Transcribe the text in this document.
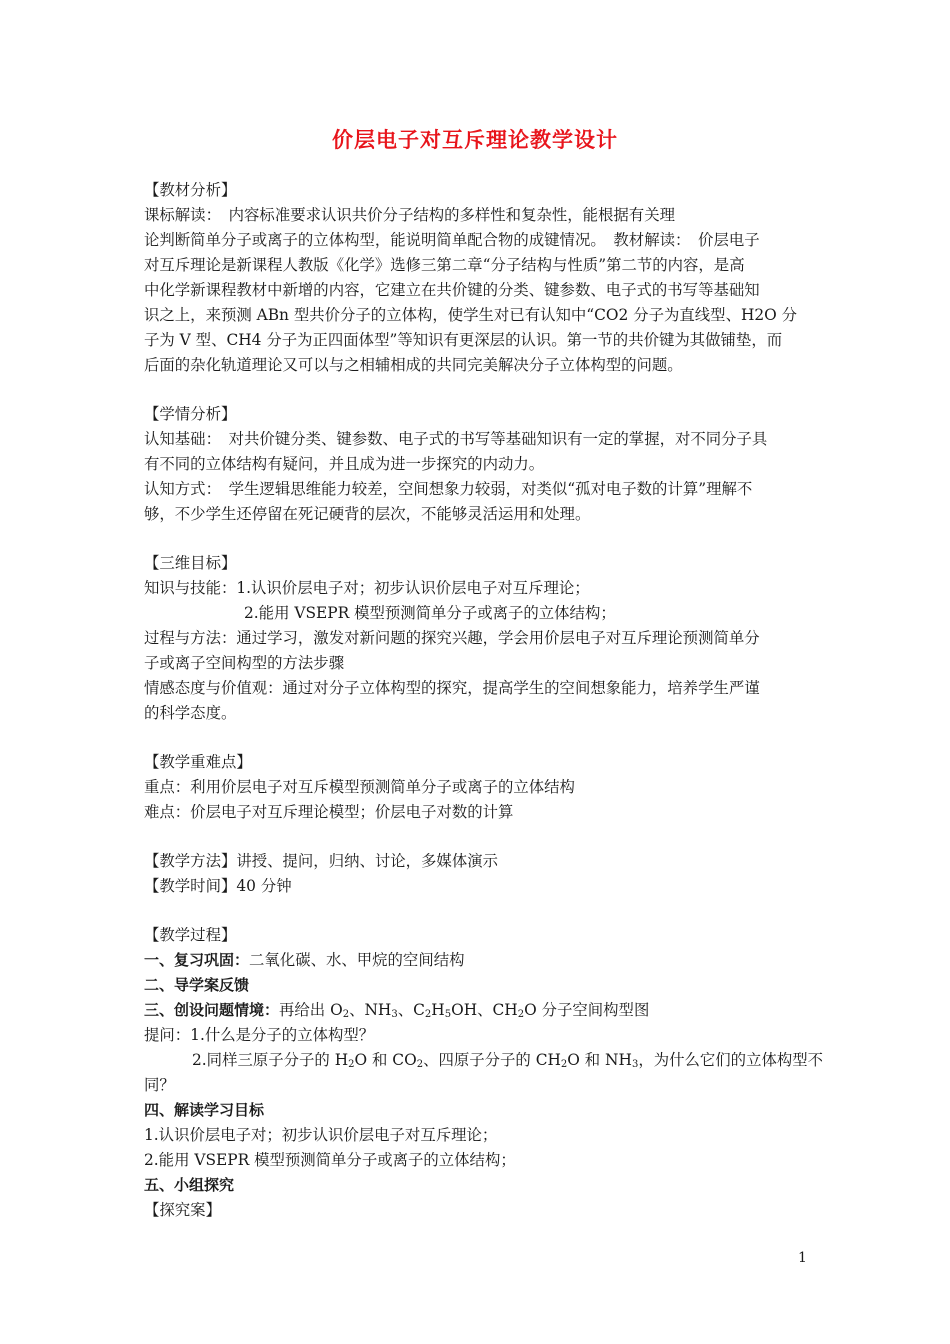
价层电子对互斥理论教学设计
【教材分析】
课标解读：　内容标准要求认识共价分子结构的多样性和复杂性，能根据有关理
论判断简单分子或离子的立体构型，能说明简单配合物的成键情况。　教材解读：　价层电子
对互斥理论是新课程人教版《化学》选修三第二章“分子结构与性质”第二节的内容，是高
中化学新课程教材中新增的内容，它建立在共价键的分类、键参数、电子式的书写等基础知
识之上，来预测 ABn 型共价分子的立体构，使学生对已有认知中“CO2 分子为直线型、H2O 分
子为 V 型、CH4 分子为正四面体型”等知识有更深层的认识。第一节的共价键为其做铺垫，而
后面的杂化轨道理论又可以与之相辅相成的共同完美解决分子立体构型的问题。
【学情分析】
认知基础：　对共价键分类、键参数、电子式的书写等基础知识有一定的掌握，对不同分子具
有不同的立体结构有疑问，并且成为进一步探究的内动力。
认知方式：　学生逻辑思维能力较差，空间想象力较弱，对类似“孤对电子数的计算”理解不
够，不少学生还停留在死记硬背的层次，不能够灵活运用和处理。
【三维目标】
知识与技能：1.认识价层电子对；初步认识价层电子对互斥理论；
2.能用 VSEPR 模型预测简单分子或离子的立体结构；
过程与方法：通过学习，激发对新问题的探究兴趣，学会用价层电子对互斥理论预测简单分
子或离子空间构型的方法步骤
情感态度与价值观：通过对分子立体构型的探究，提高学生的空间想象能力，培养学生严谨
的科学态度。
【教学重难点】
重点：利用价层电子对互斥模型预测简单分子或离子的立体结构
难点：价层电子对互斥理论模型；价层电子对数的计算
【教学方法】讲授、提问，归纳、讨论，多媒体演示
【教学时间】40 分钟
【教学过程】
一、复习巩固：二氧化碳、水、甲烷的空间结构
二、导学案反馈
三、创设问题情境：再给出 $O_2$、$NH_3$、$C_2H_5OH$、$CH_2O$ 分子空间构型图
提问：1.什么是分子的立体构型？
2.同样三原子分子的 $H_2O$ 和 $CO_2$、四原子分子的 $CH_2O$ 和 $NH_3$，为什么它们的立体构型不
同？
四、解读学习目标
1.认识价层电子对；初步认识价层电子对互斥理论；
2.能用 VSEPR 模型预测简单分子或离子的立体结构；
五、小组探究
【探究案】
1
